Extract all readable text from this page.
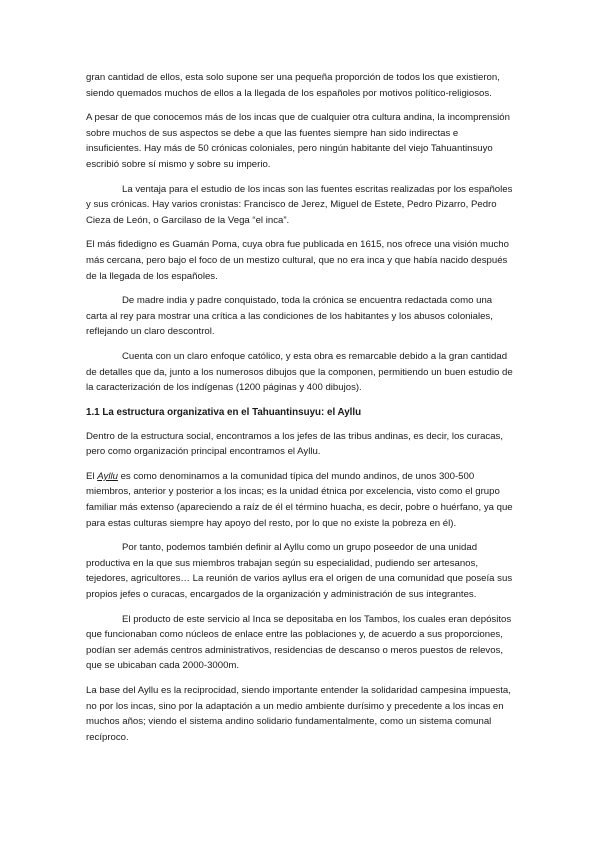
gran cantidad de ellos, esta solo supone ser una pequeña proporción de todos los que existieron, siendo quemados muchos de ellos a la llegada de los españoles por motivos político-religiosos.

A pesar de que conocemos más de los incas que de cualquier otra cultura andina, la incomprensión sobre muchos de sus aspectos se debe a que las fuentes siempre han sido indirectas e insuficientes. Hay más de 50 crónicas coloniales, pero ningún habitante del viejo Tahuantinsuyo escribió sobre sí mismo y sobre su imperio.

La ventaja para el estudio de los incas son las fuentes escritas realizadas por los españoles y sus crónicas. Hay varios cronistas: Francisco de Jerez, Miguel de Estete, Pedro Pizarro, Pedro Cieza de León, o Garcilaso de la Vega “el inca”.

El más fidedigno es Guamán Poma, cuya obra fue publicada en 1615, nos ofrece una visión mucho más cercana, pero bajo el foco de un mestizo cultural, que no era inca y que había nacido después de la llegada de los españoles.

De madre india y padre conquistado, toda la crónica se encuentra redactada como una carta al rey para mostrar una crítica a las condiciones de los habitantes y los abusos coloniales, reflejando un claro descontrol.

Cuenta con un claro enfoque católico, y esta obra es remarcable debido a la gran cantidad de detalles que da, junto a los numerosos dibujos que la componen, permitiendo un buen estudio de la caracterización de los indígenas (1200 páginas y 400 dibujos).

1.1 La estructura organizativa en el Tahuantinsuyu: el Ayllu

Dentro de la estructura social, encontramos a los jefes de las tribus andinas, es decir, los curacas, pero como organización principal encontramos el Ayllu.

El Ayllu es como denominamos a la comunidad típica del mundo andinos, de unos 300-500 miembros, anterior y posterior a los incas; es la unidad étnica por excelencia, visto como el grupo familiar más extenso (apareciendo a raíz de él el término huacha, es decir, pobre o huérfano, ya que para estas culturas siempre hay apoyo del resto, por lo que no existe la pobreza en él).

Por tanto, podemos también definir al Ayllu como un grupo poseedor de una unidad productiva en la que sus miembros trabajan según su especialidad, pudiendo ser artesanos, tejedores, agricultores… La reunión de varios ayllus era el origen de una comunidad que poseía sus propios jefes o curacas, encargados de la organización y administración de sus integrantes.

El producto de este servicio al Inca se depositaba en los Tambos, los cuales eran depósitos que funcionaban como núcleos de enlace entre las poblaciones y, de acuerdo a sus proporciones, podían ser además centros administrativos, residencias de descanso o meros puestos de relevos, que se ubicaban cada 2000-3000m.

La base del Ayllu es la reciprocidad, siendo importante entender la solidaridad campesina impuesta, no por los incas, sino por la adaptación a un medio ambiente durísimo y precedente a los incas en muchos años; viendo el sistema andino solidario fundamentalmente, como un sistema comunal recíproco.
